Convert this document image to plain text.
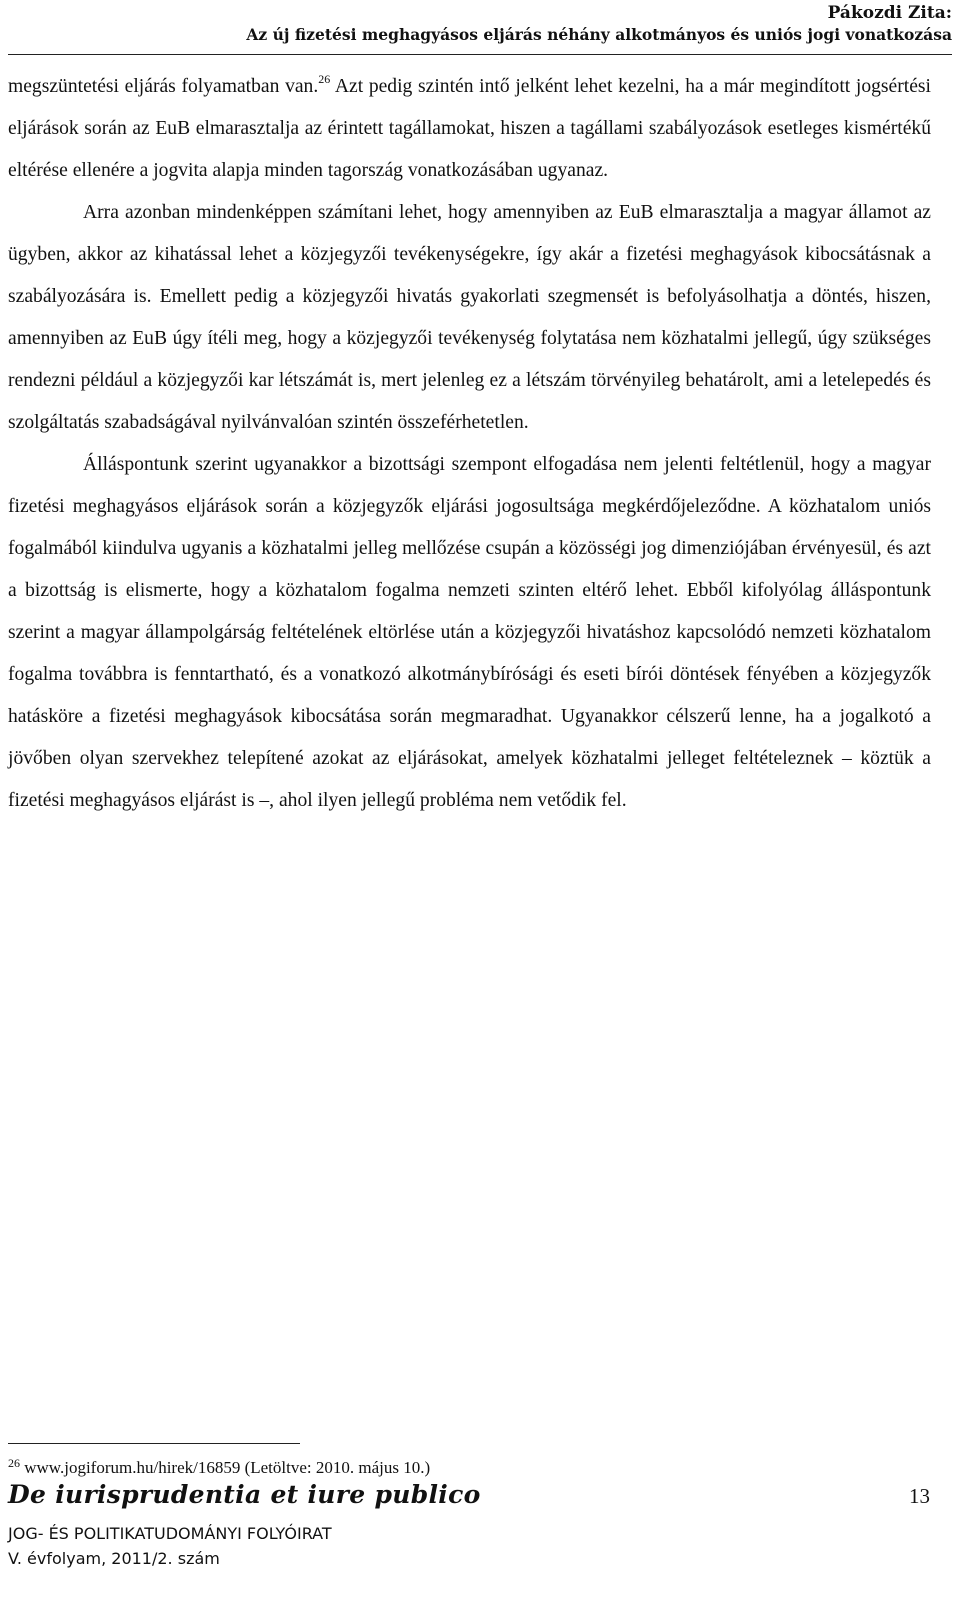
Pákozdi Zita:
Az új fizetési meghagyásos eljárás néhány alkotmányos és uniós jogi vonatkozása

megszüntetési eljárás folyamatban van.$^{26}$ Azt pedig szintén intő jelként lehet kezelni, ha a már megindított jogsértési eljárások során az EuB elmarasztalja az érintett tagállamokat, hiszen a tagállami szabályozások esetleges kismértékű eltérése ellenére a jogvita alapja minden tagország vonatkozásában ugyanaz.

Arra azonban mindenképpen számítani lehet, hogy amennyiben az EuB elmarasztalja a magyar államot az ügyben, akkor az kihatással lehet a közjegyzői tevékenységekre, így akár a fizetési meghagyások kibocsátásnak a szabályozására is. Emellett pedig a közjegyzői hivatás gyakorlati szegmensét is befolyásolhatja a döntés, hiszen, amennyiben az EuB úgy ítéli meg, hogy a közjegyzői tevékenység folytatása nem közhatalmi jellegű, úgy szükséges rendezni például a közjegyzői kar létszámát is, mert jelenleg ez a létszám törvényileg behatárolt, ami a letelepedés és szolgáltatás szabadságával nyilvánvalóan szintén összeférhetetlen.

Álláspontunk szerint ugyanakkor a bizottsági szempont elfogadása nem jelenti feltétlenül, hogy a magyar fizetési meghagyásos eljárások során a közjegyzők eljárási jogosultsága megkérdőjeleződne. A közhatalom uniós fogalmából kiindulva ugyanis a közhatalmi jelleg mellőzése csupán a közösségi jog dimenziójában érvényesül, és azt a bizottság is elismerte, hogy a közhatalom fogalma nemzeti szinten eltérő lehet. Ebből kifolyólag álláspontunk szerint a magyar állampolgárság feltételének eltörlése után a közjegyzői hivatáshoz kapcsolódó nemzeti közhatalom fogalma továbbra is fenntartható, és a vonatkozó alkotmánybírósági és eseti bírói döntések fényében a közjegyzők hatásköre a fizetési meghagyások kibocsátása során megmaradhat. Ugyanakkor célszerű lenne, ha a jogalkotó a jövőben olyan szervekhez telepítené azokat az eljárásokat, amelyek közhatalmi jelleget feltételeznek – köztük a fizetési meghagyásos eljárást is –, ahol ilyen jellegű probléma nem vetődik fel.

$^{26}$ www.jogiforum.hu/hirek/16859 (Letöltve: 2010. május 10.)
De iurisprudentia et iure publico	13
JOG- ÉS POLITIKATUDOMÁNYI FOLYÓIRAT
V. évfolyam, 2011/2. szám
